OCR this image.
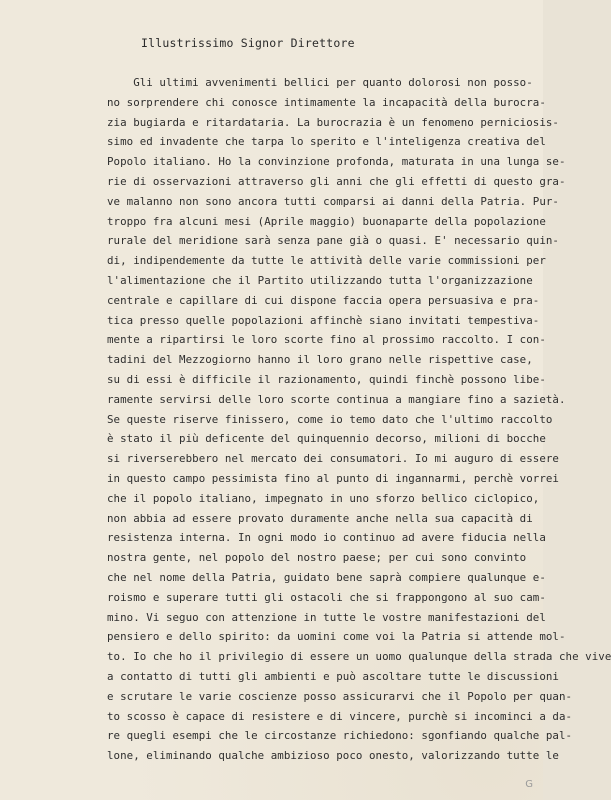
Illustrissimo Signor Direttore
Gli ultimi avvenimenti bellici per quanto dolorosi non posso-
no sorprendere chi conosce intimamente la incapacità della burocra-
zia bugiarda e ritardataria. La burocrazia è un fenomeno perniciosis-
simo ed invadente che tarpa lo sperito e l'inteligenza creativa del
Popolo italiano. Ho la convinzione profonda, maturata in una lunga se-
rie di osservazioni attraverso gli anni che gli effetti di questo gra-
ve malanno non sono ancora tutti comparsi ai danni della Patria. Pur-
troppo fra alcuni mesi (Aprile maggio) buonaparte della popolazione
rurale del meridione sarà senza pane già o quasi. E' necessario quin-
di, indipendemente da tutte le attività delle varie commissioni per
l'alimentazione che il Partito utilizzando tutta l'organizzazione
centrale e capillare di cui dispone faccia opera persuasiva e pra-
tica presso quelle popolazioni affinchè siano invitati tempestiva-
mente a ripartirsi le loro scorte fino al prossimo raccolto. I con-
tadini del Mezzogiorno hanno il loro grano nelle rispettive case,
su di essi è difficile il razionamento, quindi finchè possono libe-
ramente servirsi delle loro scorte continua a mangiare fino a sazietà.
Se queste riserve finissero, come io temo dato che l'ultimo raccolto
è stato il più deficente del quinquennio decorso, milioni di bocche
si riverserebbero nel mercato dei consumatori. Io mi auguro di essere
in questo campo pessimista fino al punto di ingannarmi, perchè vorrei
che il popolo italiano, impegnato in uno sforzo bellico ciclopico,
non abbia ad essere provato duramente anche nella sua capacità di
resistenza interna. In ogni modo io continuo ad avere fiducia nella
nostra gente, nel popolo del nostro paese; per cui sono convinto
che nel nome della Patria, guidato bene saprà compiere qualunque e-
roismo e superare tutti gli ostacoli che si frappongono al suo cam-
mino. Vi seguo con attenzione in tutte le vostre manifestazioni del
pensiero e dello spirito: da uomini come voi la Patria si attende mol-
to. Io che ho il privilegio di essere un uomo qualunque della strada che vive
a contatto di tutti gli ambienti e può ascoltare tutte le discussioni
e scrutare le varie coscienze posso assicurarvi che il Popolo per quan-
to scosso è capace di resistere e di vincere, purchè si incominci a da-
re quegli esempi che le circostanze richiedono: sgonfiando qualche pal-
lone, eliminando qualche ambizioso poco onesto, valorizzando tutte le
G
